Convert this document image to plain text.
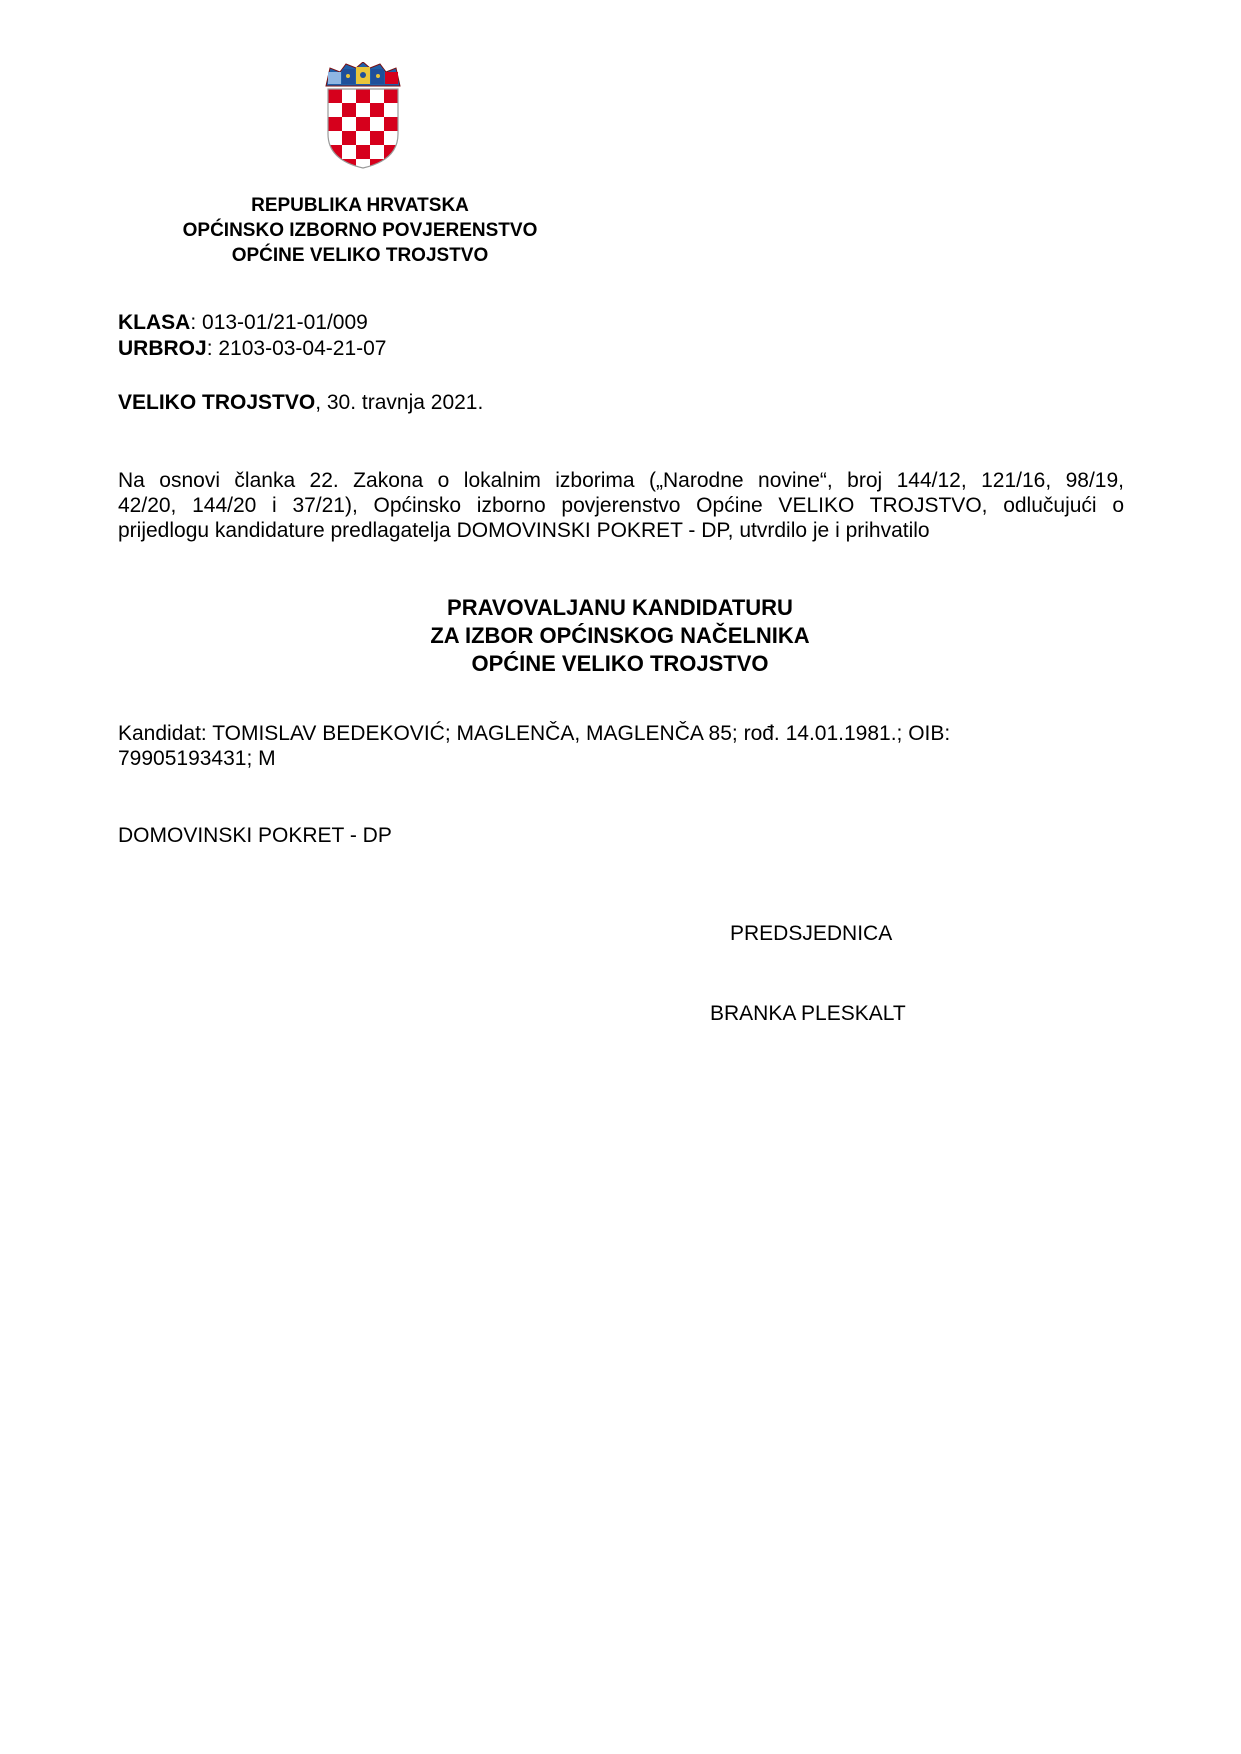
REPUBLIKA HRVATSKA
OPĆINSKO IZBORNO POVJERENSTVO
OPĆINE VELIKO TROJSTVO
KLASA: 013-01/21-01/009
URBROJ: 2103-03-04-21-07
VELIKO TROJSTVO, 30. travnja 2021.
Na osnovi članka 22. Zakona o lokalnim izborima („Narodne novine“, broj 144/12, 121/16, 98/19,
42/20, 144/20 i 37/21), Općinsko izborno povjerenstvo Općine VELIKO TROJSTVO, odlučujući o
prijedlogu kandidature predlagatelja DOMOVINSKI POKRET - DP, utvrdilo je i prihvatilo
PRAVOVALJANU KANDIDATURU
ZA IZBOR OPĆINSKOG NAČELNIKA
OPĆINE VELIKO TROJSTVO
Kandidat: TOMISLAV BEDEKOVIĆ; MAGLENČA, MAGLENČA 85; rođ. 14.01.1981.; OIB:
79905193431; M
DOMOVINSKI POKRET - DP
PREDSJEDNICA
BRANKA PLESKALT
